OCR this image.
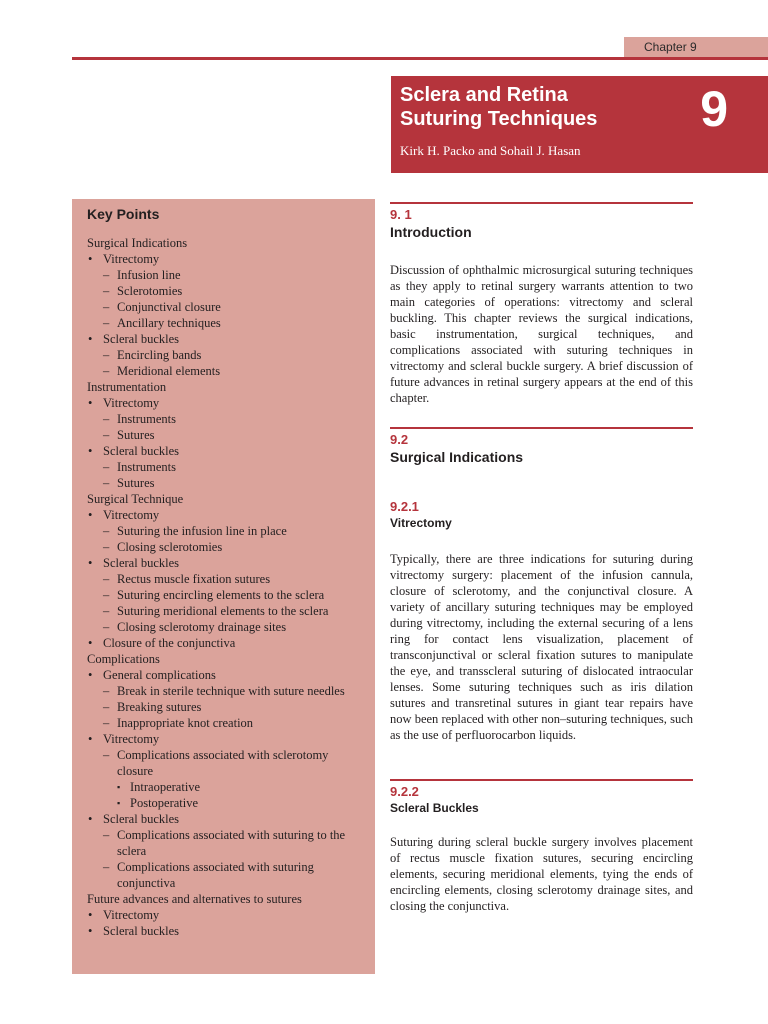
Chapter 9
Sclera and Retina
Suturing Techniques
Kirk H. Packo and Sohail J. Hasan
9
Key Points
Surgical Indications
• Vitrectomy
– Infusion line
– Sclerotomies
– Conjunctival closure
– Ancillary techniques
• Scleral buckles
– Encircling bands
– Meridional elements
Instrumentation
• Vitrectomy
– Instruments
– Sutures
• Scleral buckles
– Instruments
– Sutures
Surgical Technique
• Vitrectomy
– Suturing the infusion line in place
– Closing sclerotomies
• Scleral buckles
– Rectus muscle fixation sutures
– Suturing encircling elements to the sclera
– Suturing meridional elements to the sclera
– Closing sclerotomy drainage sites
• Closure of the conjunctiva
Complications
• General complications
– Break in sterile technique with suture needles
– Breaking sutures
– Inappropriate knot creation
• Vitrectomy
– Complications associated with sclerotomy closure
▪ Intraoperative
▪ Postoperative
• Scleral buckles
– Complications associated with suturing to the sclera
– Complications associated with suturing conjunctiva
Future advances and alternatives to sutures
• Vitrectomy
• Scleral buckles
9. 1
Introduction

Discussion of ophthalmic microsurgical suturing techniques as they apply to retinal surgery warrants attention to two main categories of operations: vitrectomy and scleral buckling. This chapter reviews the surgical indications, basic instrumentation, surgical techniques, and complications associated with suturing techniques in vitrectomy and scleral buckle surgery. A brief discussion of future advances in retinal surgery appears at the end of this chapter.

9.2
Surgical Indications
9.2.1
Vitrectomy

Typically, there are three indications for suturing during vitrectomy surgery: placement of the infusion cannula, closure of sclerotomy, and the conjunctival closure. A variety of ancillary suturing techniques may be employed during vitrectomy, including the external securing of a lens ring for contact lens visualization, placement of transconjunctival or scleral fixation sutures to manipulate the eye, and transscleral suturing of dislocated intraocular lenses. Some suturing techniques such as iris dilation sutures and transretinal sutures in giant tear repairs have now been replaced with other non–suturing techniques, such as the use of perfluorocarbon liquids.

9.2.2
Scleral Buckles

Suturing during scleral buckle surgery involves placement of rectus muscle fixation sutures, securing encircling elements, securing meridional elements, tying the ends of encircling elements, closing sclerotomy drainage sites, and closing the conjunctiva.
